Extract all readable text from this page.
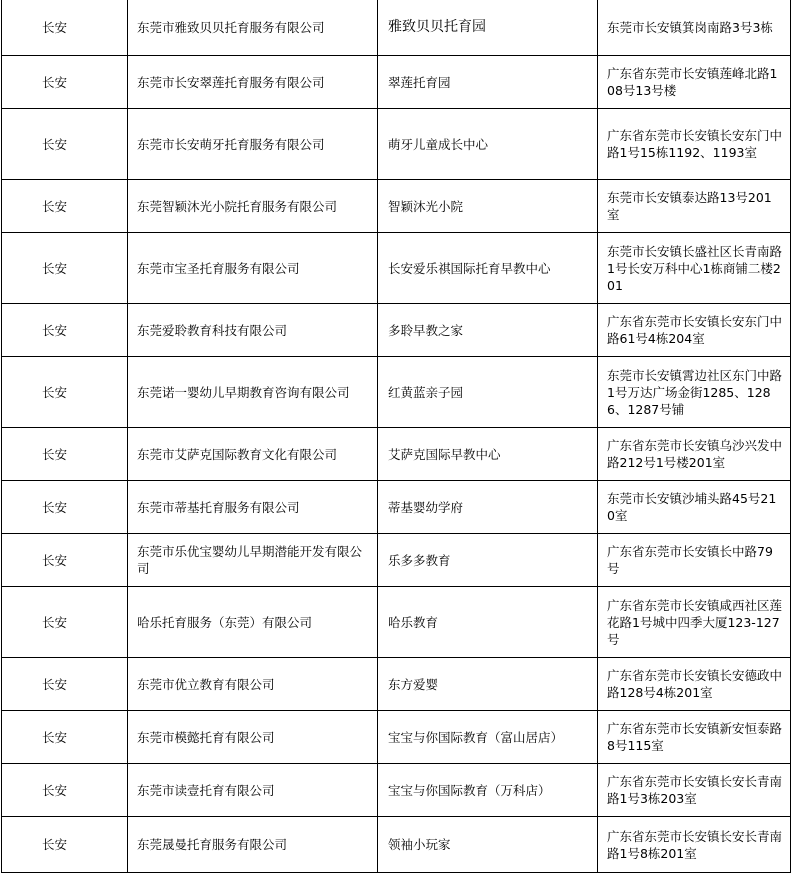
长安	东莞市雅致贝贝托育服务有限公司	雅致贝贝托育园	东莞市长安镇箕岗南路3号3栋
长安	东莞市长安翠莲托育服务有限公司	翠莲托育园	广东省东莞市长安镇莲峰北路108号13号楼
长安	东莞市长安萌牙托育服务有限公司	萌牙儿童成长中心	广东省东莞市长安镇长安东门中路1号15栋1192、1193室
长安	东莞智颖沐光小院托育服务有限公司	智颖沐光小院	东莞市长安镇泰达路13号201室
长安	东莞市宝圣托育服务有限公司	长安爱乐祺国际托育早教中心	东莞市长安镇长盛社区长青南路1号长安万科中心1栋商铺二楼201
长安	东莞爱聆教育科技有限公司	多聆早教之家	广东省东莞市长安镇长安东门中路61号4栋204室
长安	东莞诺一婴幼儿早期教育咨询有限公司	红黄蓝亲子园	东莞市长安镇霄边社区东门中路1号万达广场金街1285、1286、1287号铺
长安	东莞市艾萨克国际教育文化有限公司	艾萨克国际早教中心	广东省东莞市长安镇乌沙兴发中路212号1号楼201室
长安	东莞市蒂基托育服务有限公司	蒂基婴幼学府	东莞市长安镇沙埔头路45号210室
长安	东莞市乐优宝婴幼儿早期潜能开发有限公司	乐多多教育	广东省东莞市长安镇长中路79号
长安	哈乐托育服务（东莞）有限公司	哈乐教育	广东省东莞市长安镇咸西社区莲花路1号城中四季大厦123-127号
长安	东莞市优立教育有限公司	东方爱婴	广东省东莞市长安镇长安德政中路128号4栋201室
长安	东莞市模懿托育有限公司	宝宝与你国际教育（富山居店）	广东省东莞市长安镇新安恒泰路8号115室
长安	东莞市读壹托育有限公司	宝宝与你国际教育（万科店）	广东省东莞市长安镇长安长青南路1号3栋203室
长安	东莞晟曼托育服务有限公司	领袖小玩家	广东省东莞市长安镇长安长青南路1号8栋201室
